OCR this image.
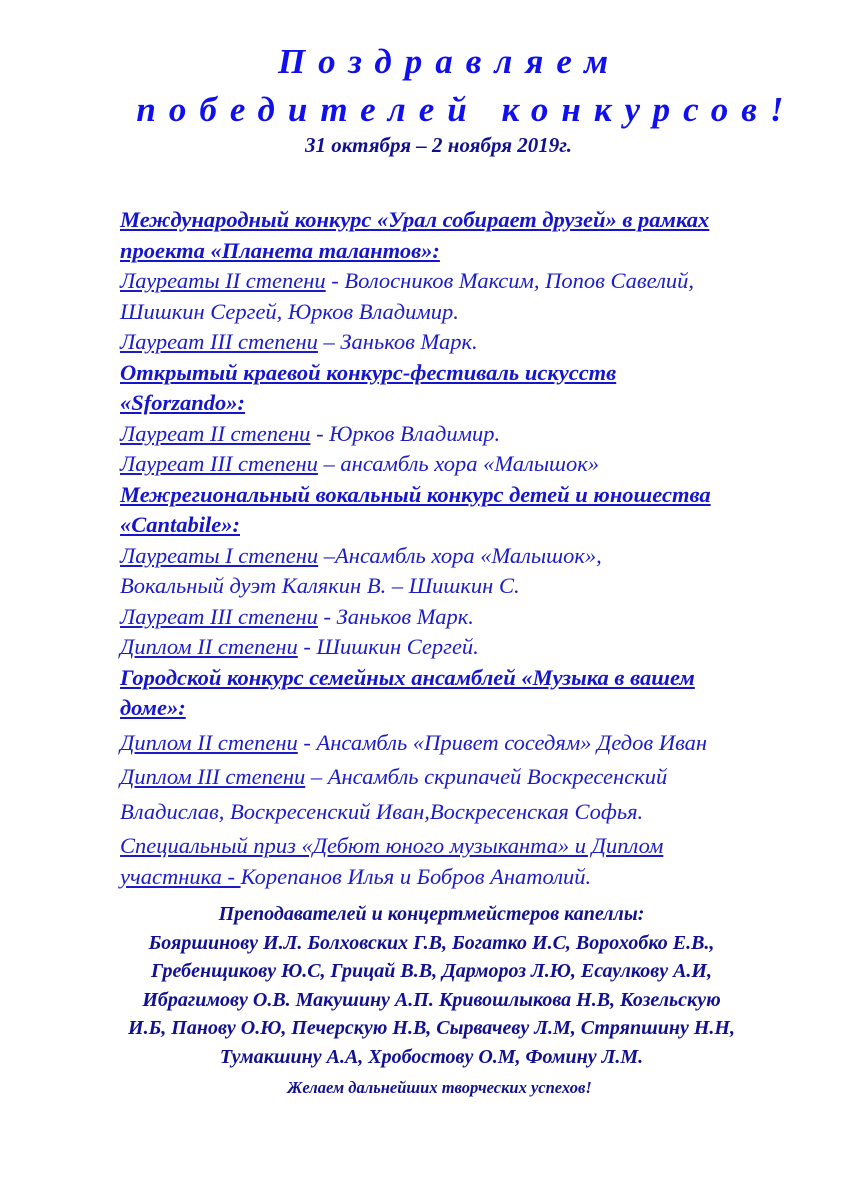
Поздравляем
победителей конкурсов!
31 октября – 2 ноября 2019г.
Международный конкурс «Урал собирает друзей» в рамках
проекта «Планета талантов»:
Лауреаты II степени - Волосников Максим, Попов Савелий,
Шишкин Сергей, Юрков Владимир.
Лауреат III степени – Заньков Марк.
Открытый краевой конкурс-фестиваль искусств
«Sforzando»:
Лауреат II степени - Юрков Владимир.
Лауреат III степени – ансамбль хора «Малышок»
Межрегиональный вокальный конкурс детей и юношества
«Cantabile»:
Лауреаты I степени –Ансамбль хора «Малышок»,
Вокальный дуэт Калякин В. – Шишкин С.
Лауреат III степени - Заньков Марк.
Диплом II степени - Шишкин Сергей.
Городской конкурс семейных ансамблей «Музыка в вашем
доме»:
Диплом II степени - Ансамбль «Привет соседям» Дедов Иван
Диплом III степени – Ансамбль скрипачей Воскресенский
Владислав, Воскресенский Иван,Воскресенская Софья.
Специальный приз «Дебют юного музыканта» и Диплом
участника - Корепанов Илья и Бобров Анатолий.
Преподавателей и концертмейстеров капеллы:
Бояршинову И.Л. Болховских Г.В, Богатко И.С, Ворохобко Е.В.,
Гребенщикову Ю.С, Грицай В.В, Дармороз Л.Ю, Есаулкову А.И,
Ибрагимову О.В. Макушину А.П. Кривошлыкова Н.В, Козельскую
И.Б, Панову О.Ю, Печерскую Н.В, Сырвачеву Л.М, Стряпшину Н.Н,
Тумакшину А.А, Хробостову О.М, Фомину Л.М.
Желаем дальнейших творческих успехов!
